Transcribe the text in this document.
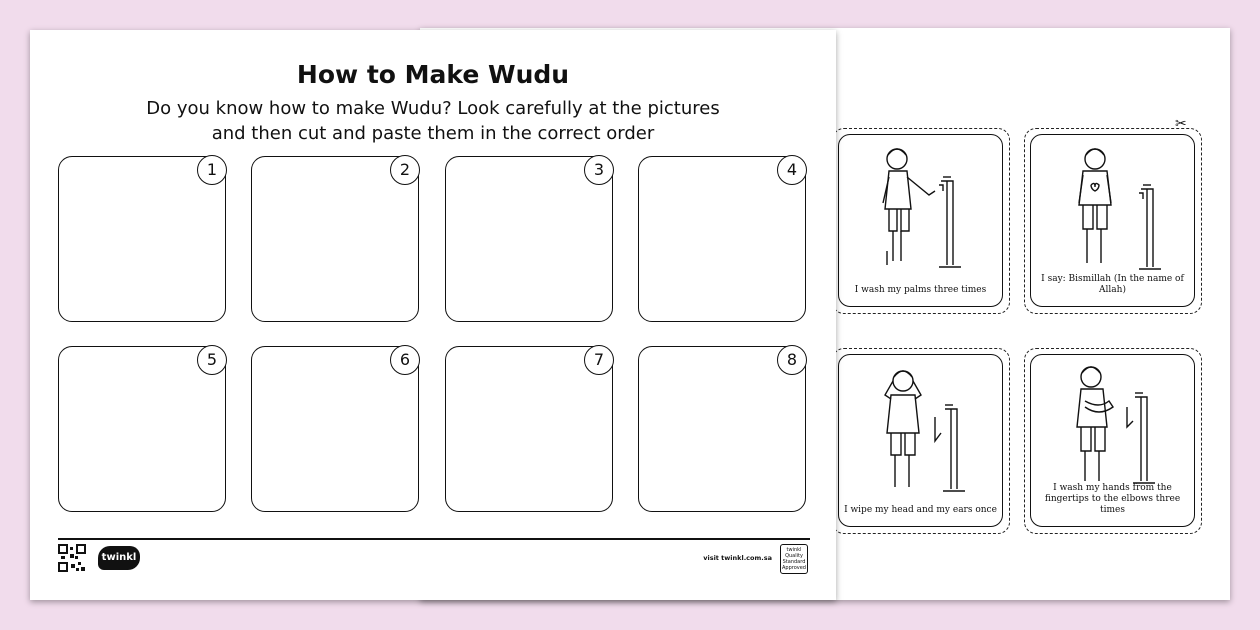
✂
I wash my palms three times
I say: Bismillah (In the name of Allah)
I wipe my head and my ears once
I wash my hands from the fingertips to the elbows three times
How to Make Wudu
Do you know how to make Wudu? Look carefully at the pictures
and then cut and paste them in the correct order
1	2	3	4
5	6	7	8
twinkl	visit twinkl.com.sa
twinkl Quality Standard Approved
